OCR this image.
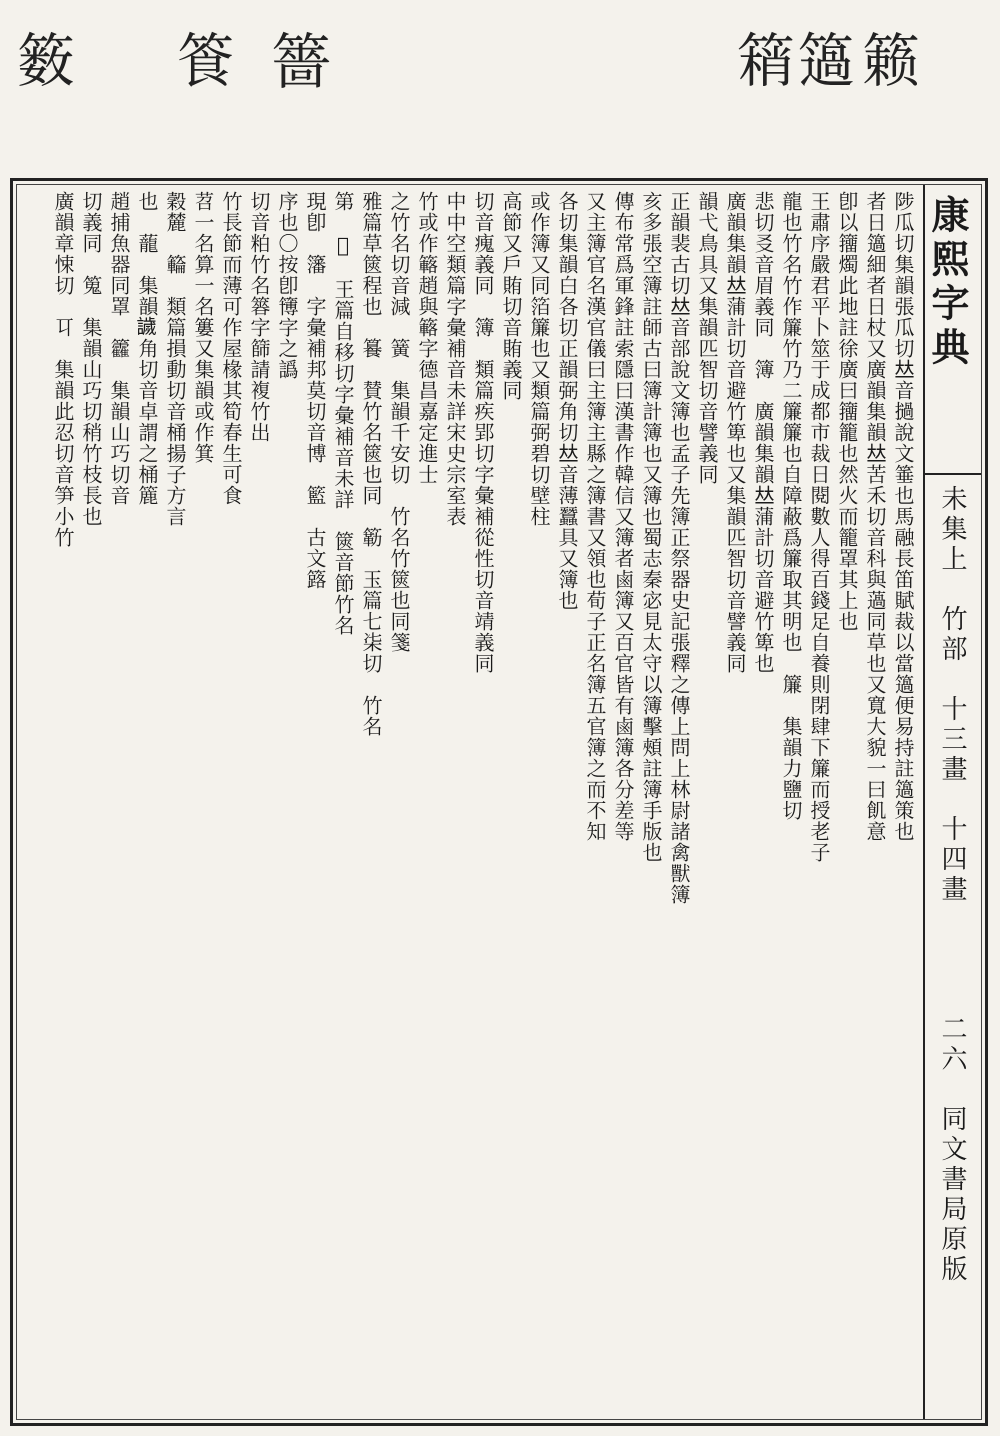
䉤 篒 䉢	䈾
簻
籁
康熙字典
未集上　竹部　十三畫　十四畫
二六　同文書局原版
陟瓜切集韻張瓜切𠀤音撾說文箠也馬融長笛賦裁以當簻便易持註簻策也
者日簻細者日杖又廣韻集韻𠀤苦禾切音科與薖同草也又寬大貌一曰飢意
卽以籒燭此地註徐廣曰籒籠也然火而籠罩其上也
王肅序嚴君平卜筮于成都市裁日閱數人得百錢足自養則閉肆下簾而授老子
龍也竹名竹作簾竹乃二簾簾也自障蔽爲簾取其明也　簾　集韻力鹽切
悲切㕛音眉義同　簿　廣韻集韻𠀤蒲計切音避竹箄也
廣韻集韻𠀤蒲計切音避竹箄也又集韻匹智切音譬義同
韻弋鳥具又集韻匹智切音譬義同
正韻裴古切𠀤音部說文簿也孟子先簿正祭器史記張釋之傳上問上林尉諸禽獸簿
亥多張空簿註師古曰簿計簿也又簿也蜀志秦宓見太守以簿擊頰註簿手版也
傳布常爲軍鋒註索隱曰漢書作韓信又簿者鹵簿又百官皆有鹵簿各分差等
又主簿官名漢官儀曰主簿主縣之簿書又領也荀子正名簿五官簿之而不知
各切集韻白各切正韻弼角切𠀤音薄蠶具又簿也
或作簿又同箔簾也又類篇弼碧切壁柱
高節又戶賄切音賄義同
切音瘣義同　簿　類篇疾郢切字彙補從性切音靖義同
中中空類篇字彙補音未詳宋史宗室表
竹或作簵趙與簵字德昌嘉定進士
之竹名切音減　簧　集韻千安切　竹名竹篋也同箋
雅篇草篋程也　籑　賛竹名篋也同　簕　玉篇七㭍切　竹名
第　𥳸　王篇自移切字彙補音未詳　篋音節竹名
現卽　籓　字彙補邦莫切音博　籃　古文簬
序也〇按卽簙字之譌
切音粕竹名簭字篩請複竹出
竹長節而薄可作屋椽其筍春生可食
苕一名算一名簍又集韻或作箕
穀麓　𥶡　類篇損動切音桶揚子方言
也　蘢　集韻𧬨角切音卓謂之桶簏
趙捕魚器同罩　籱　集韻山巧切音
切義同　䈭　集韻山巧切稍竹枝長也
廣韻章悚切　㔿　集韻此忍切音笋小竹
